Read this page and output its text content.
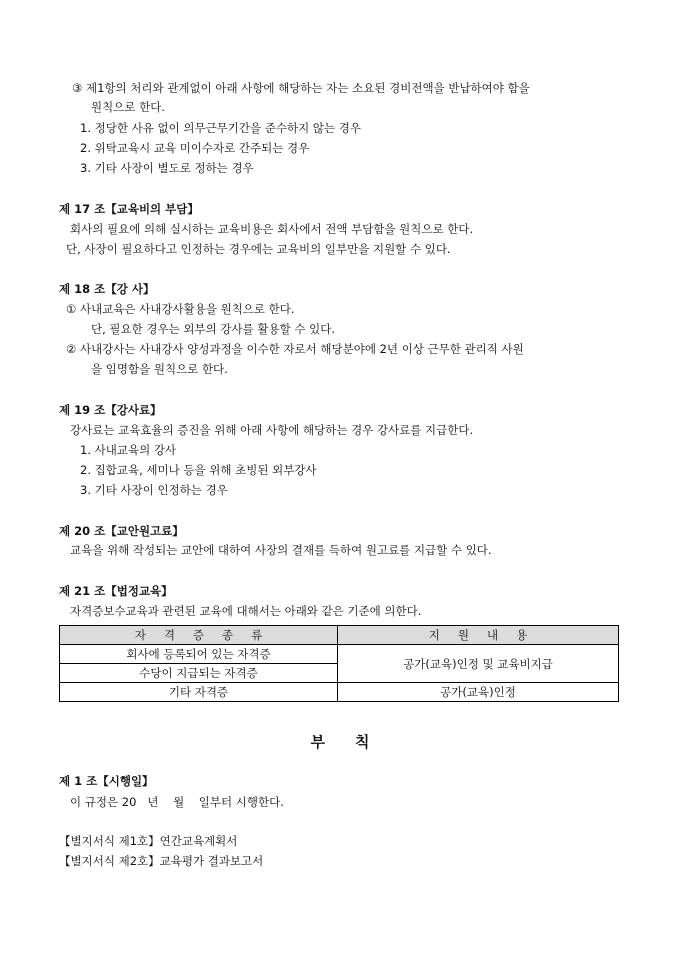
③ 제1항의 처리와 관계없이 아래 사항에 해당하는 자는 소요된 경비전액을 반납하여야 함을
원칙으로 한다.
1. 정당한 사유 없이 의무근무기간을 준수하지 않는 경우
2. 위탁교육시 교육 미이수자로 간주되는 경우
3. 기타 사장이 별도로 정하는 경우
제 17 조【교육비의 부담】
회사의 필요에 의해 실시하는 교육비용은 회사에서 전액 부담함을 원칙으로 한다.
단, 사장이 필요하다고 인정하는 경우에는 교육비의 일부만을 지원할 수 있다.
제 18 조【강 사】
① 사내교육은 사내강사활용을 원칙으로 한다.
단, 필요한 경우는 외부의 강사를 활용할 수 있다.
② 사내강사는 사내강사 양성과정을 이수한 자로서 해당분야에 2년 이상 근무한 관리직 사원
을 임명함을 원칙으로 한다.
제 19 조【강사료】
강사료는 교육효율의 증진을 위해 아래 사항에 해당하는 경우 강사료를 지급한다.
1. 사내교육의 강사
2. 집합교육, 세미나 등을 위해 초빙된 외부강사
3. 기타 사장이 인정하는 경우
제 20 조【교안원고료】
교육을 위해 작성되는 교안에 대하여 사장의 결재를 득하여 원고료를 지급할 수 있다.
제 21 조【법정교육】
자격증보수교육과 관련된 교육에 대해서는 아래와 같은 기준에 의한다.
자격증종류	지원내용
회사에 등록되어 있는 자격증	공가(교육)인정 및 교육비지급
수당이 지급되는 자격증	
기타 자격증	공가(교육)인정
부칙
제 1 조【시행일】
이 규정은 20   년    월    일부터 시행한다.
【별지서식 제1호】연간교육계획서
【별지서식 제2호】교육평가 결과보고서
